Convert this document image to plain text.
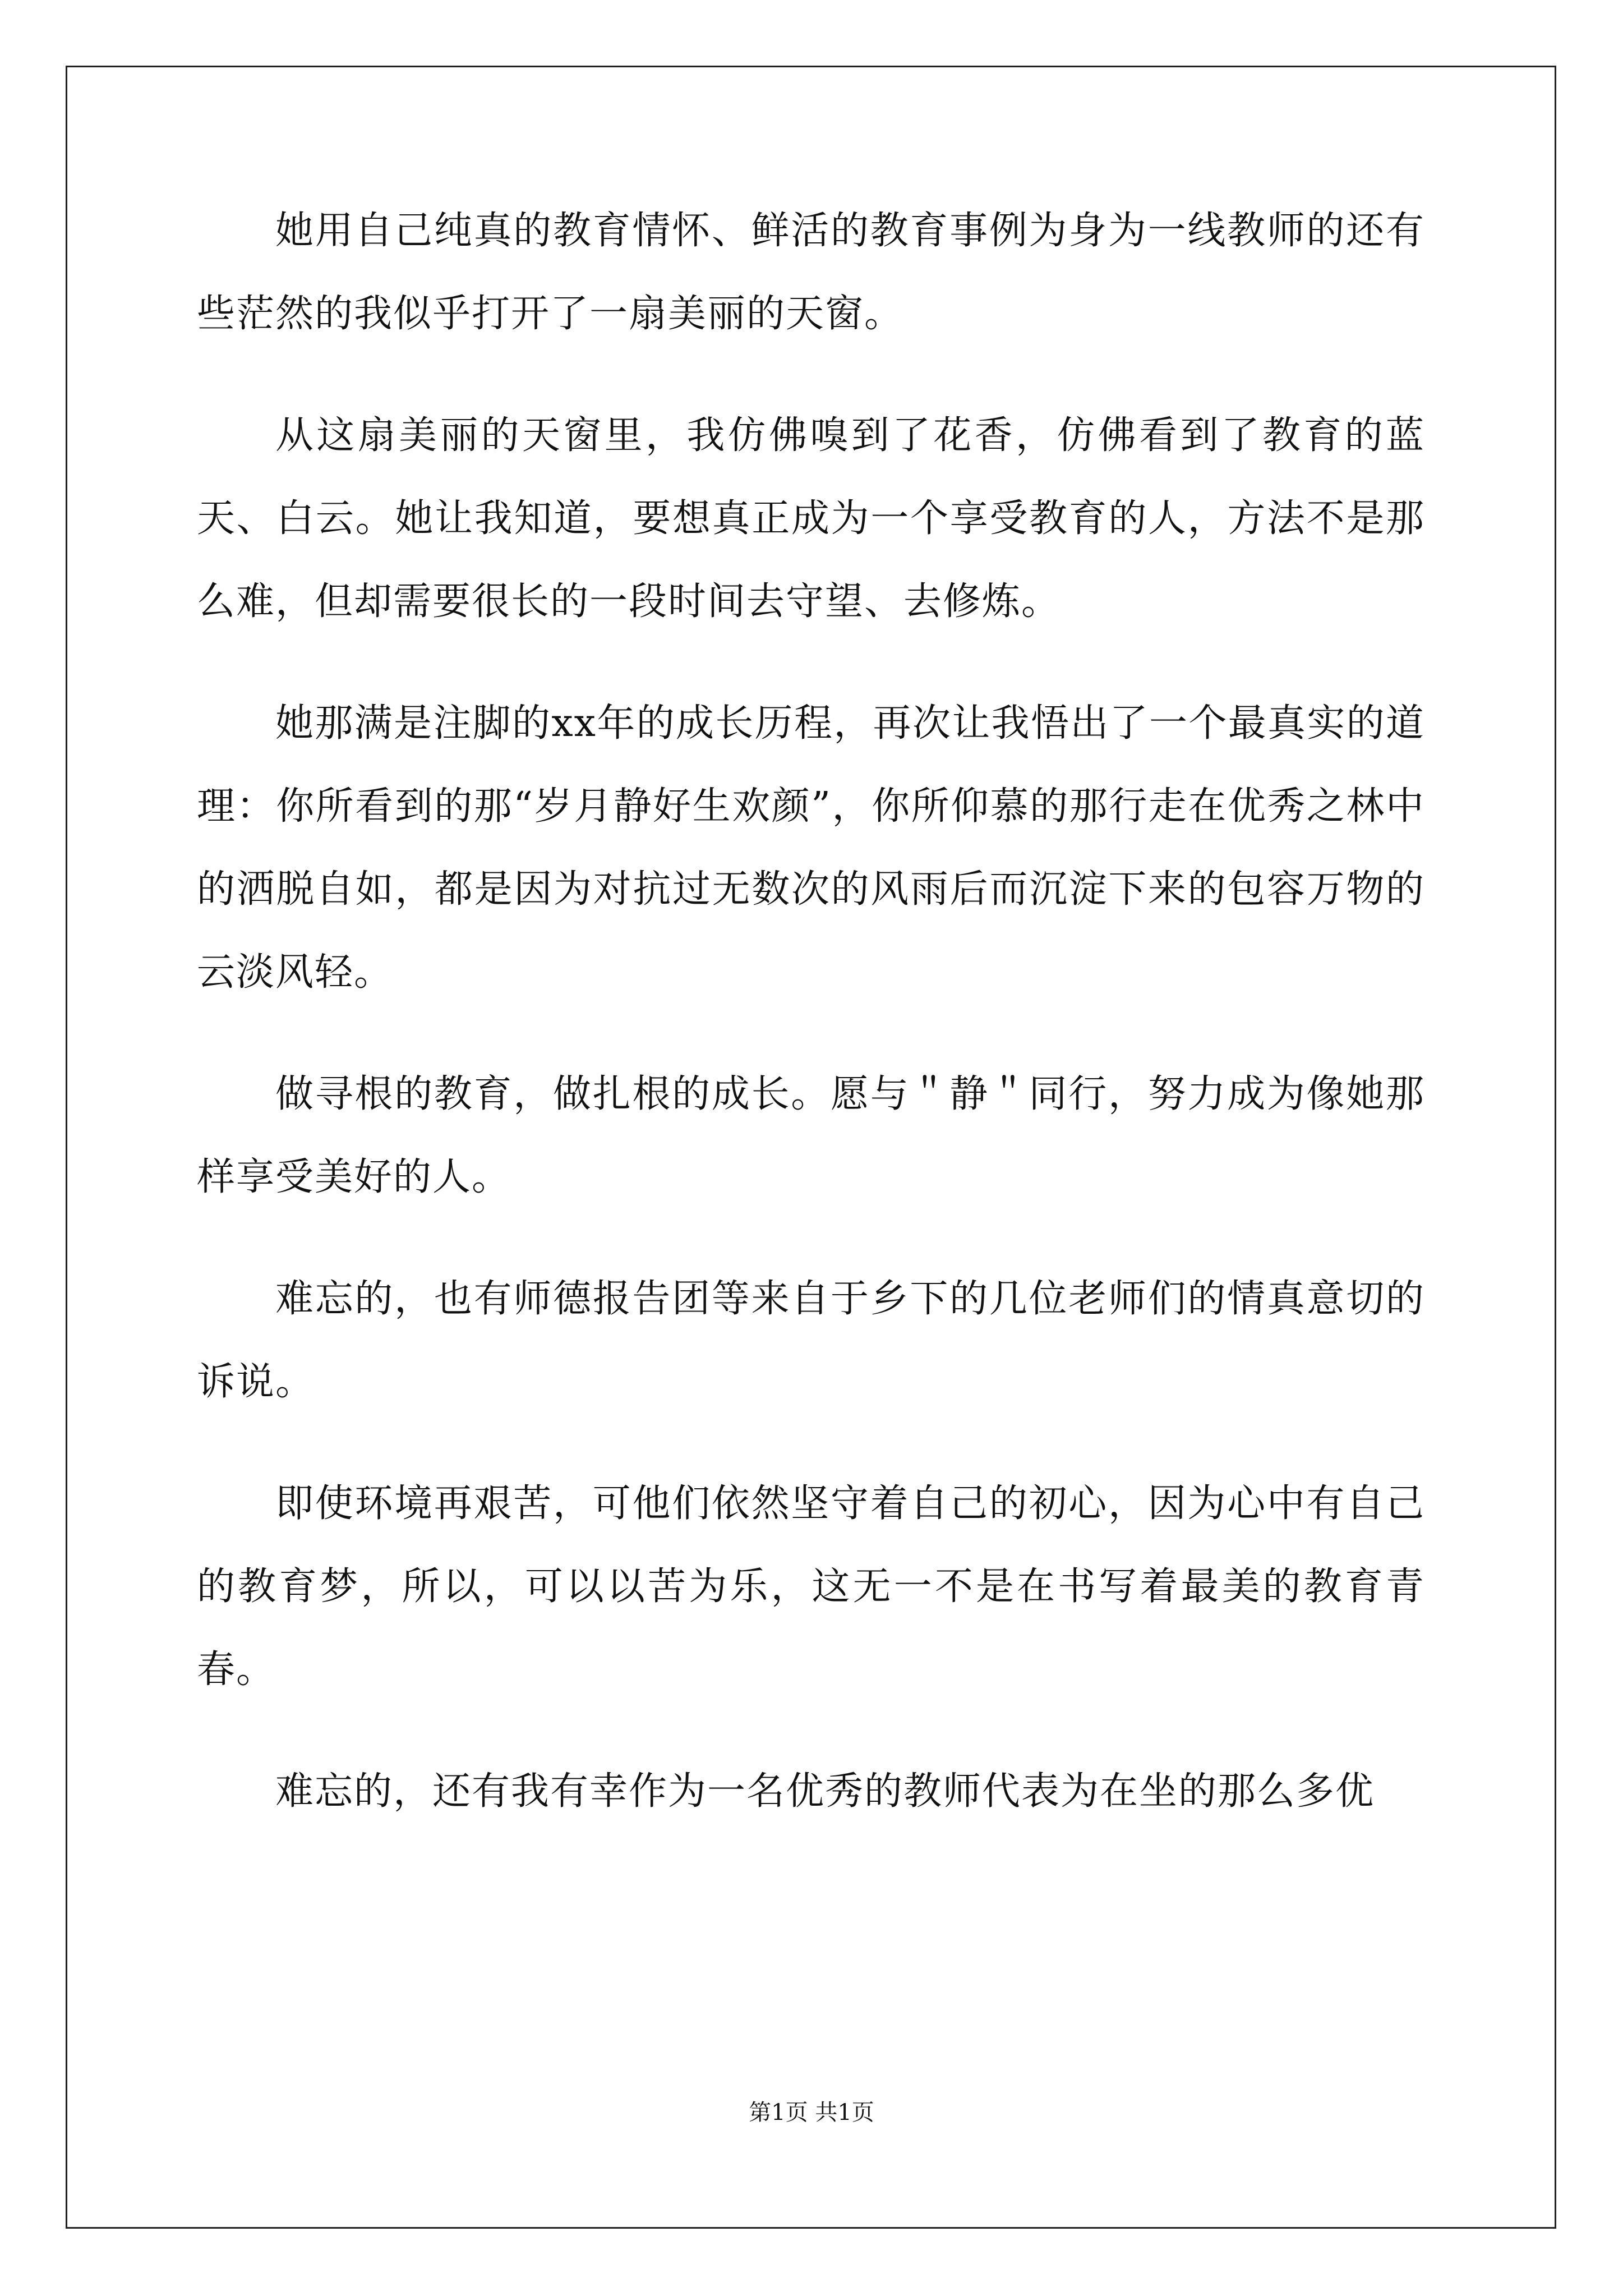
她用自己纯真的教育情怀、鲜活的教育事例为身为一线教师的还有些茫然的我似乎打开了一扇美丽的天窗。

从这扇美丽的天窗里，我仿佛嗅到了花香，仿佛看到了教育的蓝天、白云。她让我知道，要想真正成为一个享受教育的人，方法不是那么难，但却需要很长的一段时间去守望、去修炼。

她那满是注脚的xx年的成长历程，再次让我悟出了一个最真实的道理：你所看到的那“岁月静好生欢颜”，你所仰慕的那行走在优秀之林中的洒脱自如，都是因为对抗过无数次的风雨后而沉淀下来的包容万物的云淡风轻。

做寻根的教育，做扎根的成长。愿与＂静＂同行，努力成为像她那样享受美好的人。

难忘的，也有师德报告团等来自于乡下的几位老师们的情真意切的诉说。

即使环境再艰苦，可他们依然坚守着自己的初心，因为心中有自己的教育梦，所以，可以以苦为乐，这无一不是在书写着最美的教育青春。

难忘的，还有我有幸作为一名优秀的教师代表为在坐的那么多优

第1页 共1页
